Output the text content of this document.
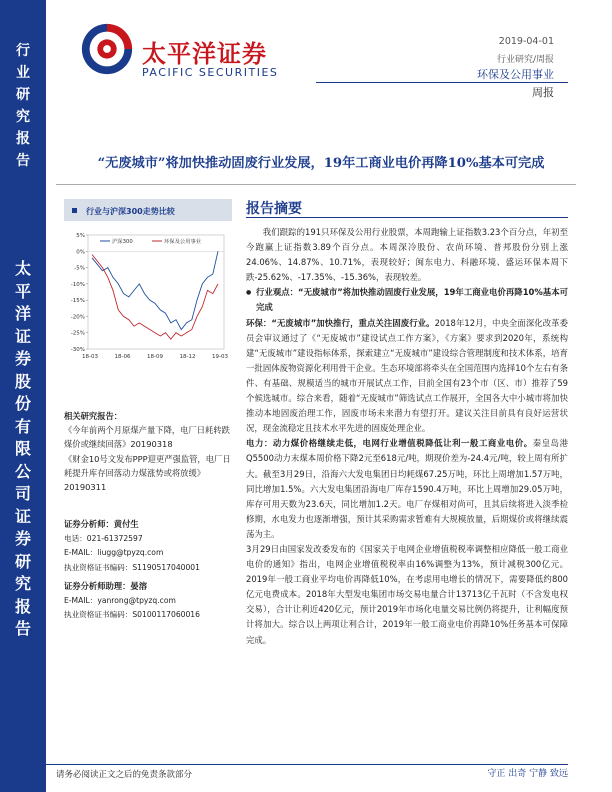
行
业
研
究
报
告
太
平
洋
证
券
股
份
有
限
公
司
证
券
研
究
报
告
太平洋证券
PACIFIC SECURITIES
2019-04-01
行业研究/周报
环保及公用事业
周报
“无废城市”将加快推动固废行业发展，19年工商业电价再降10%基本可完成
行业与沪深300走势比较
5%
0%
-5%
-10%
-15%
-20%
-25%
-30%
18-03	18-06	18-09	18-12	19-03
沪深300	环保及公用事业
相关研究报告：
《今年前两个月原煤产量下降，电厂日耗转跌煤价或继续回落》20190318
《财金10号文发布PPP迎更严强监管，电厂日耗提升库存回落动力煤涨势或将放缓》20190311
证券分析师：黄付生
电话：021-61372597
E-MAIL：liugg@tpyzq.com
执业资格证书编码：S1190517040001
证券分析师助理：晏溶
E-MAIL：yanrong@tpyzq.com
执业资格证书编码：S0100117060016
报告摘要

我们跟踪的191只环保及公用行业股票，本周跑输上证指数3.23个百分点，年初至今跑赢上证指数3.89个百分点。本周深冷股份、农尚环境、普邦股份分别上涨24.06%、14.87%、10.71%，表现较好；闽东电力、科融环境、盛运环保本周下跌-25.62%、-17.35%、-15.36%，表现较差。

● 行业观点：“无废城市”将加快推动固废行业发展，19年工商业电价再降10%基本可完成

环保：“无废城市”加快推行，重点关注固废行业。2018年12月，中央全面深化改革委员会审议通过了《“无废城市”建设试点工作方案》，《方案》要求到2020年，系统构建“无废城市”建设指标体系，探索建立“无废城市”建设综合管理制度和技术体系，培育一批固体废物资源化利用骨干企业。生态环境部将牵头在全国范围内选择10个左右有条件、有基础、规模适当的城市开展试点工作，目前全国有23个市（区、市）推荐了59个候选城市。综合来看，随着“无废城市”筛选试点工作展开，全国各大中小城市将加快推动本地固废治理工作，固废市场未来潜力有望打开。建议关注目前具有良好运营状况，现金流稳定且技术水平先进的固废处理企业。

电力：动力煤价格继续走低，电网行业增值税降低让利一般工商业电价。秦皇岛港Q5500动力末煤本周价格下降2元至618元/吨，期现价差为-24.4元/吨，较上周有所扩大。截至3月29日，沿海六大发电集团日均耗煤67.25万吨，环比上周增加1.57万吨，同比增加1.5%。六大发电集团沿海电厂库存1590.4万吨，环比上周增加29.05万吨，库存可用天数为23.6天，同比增加1.2天。电厂存煤相对尚可，且其后续将进入淡季检修期，水电发力也逐渐增强，预计其采购需求暂难有大规模放量，后期煤价或将继续震荡为主。

3月29日由国家发改委发布的《国家关于电网企业增值税税率调整相应降低一般工商业电价的通知》指出，电网企业增值税税率由16%调整为13%，预计减税300亿元。2019年一般工商业平均电价再降低10%，在考虑用电增长的情况下，需要降低约800亿元电费成本。2018年大型发电集团市场交易电量合计13713亿千瓦时（不含发电权交易），合计让利近420亿元，预计2019年市场化电量交易比例仍将提升，让利幅度预计将加大。综合以上两项让利合计，2019年一般工商业电价再降10%任务基本可保障完成。

请务必阅读正文之后的免责条款部分	守正 出奇 宁静 致远
